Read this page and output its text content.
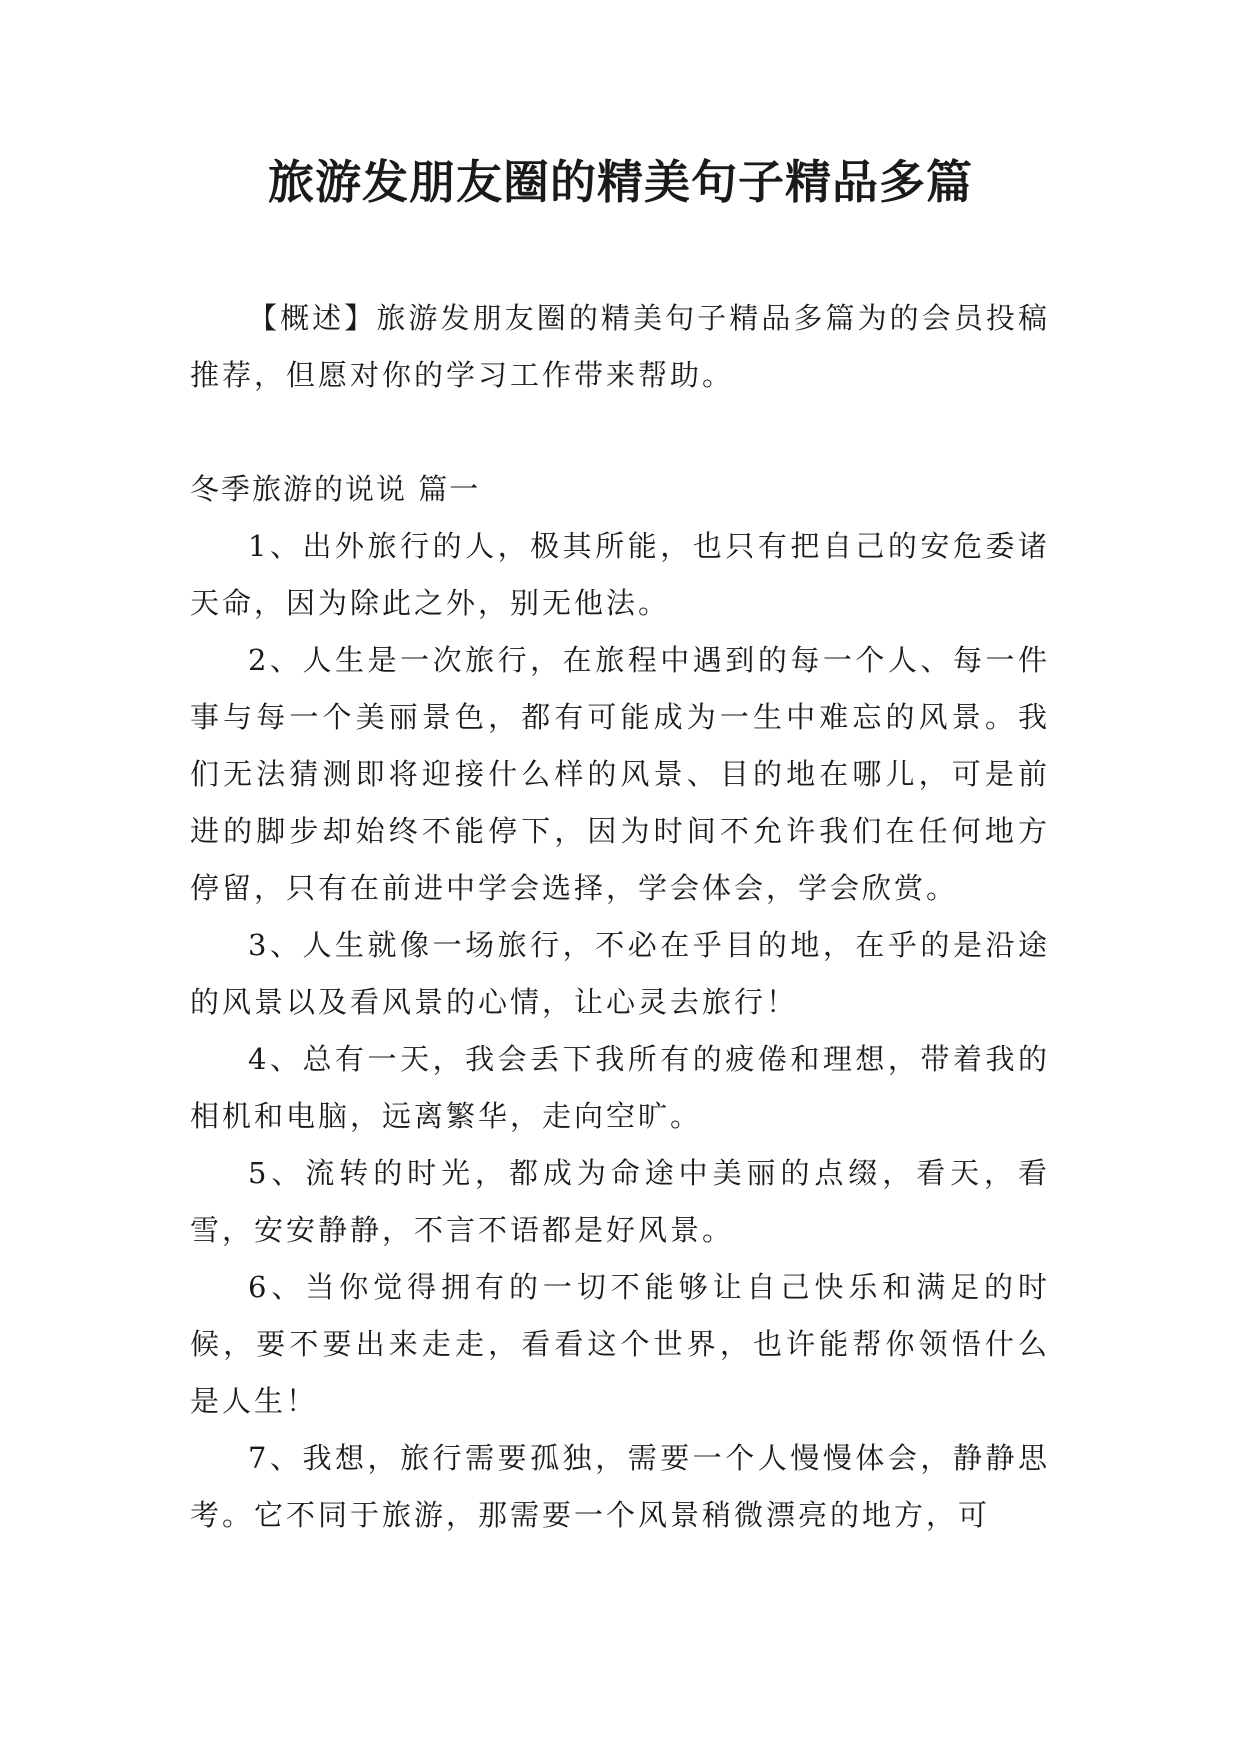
旅游发朋友圈的精美句子精品多篇

【概述】旅游发朋友圈的精美句子精品多篇为的会员投稿推荐，但愿对你的学习工作带来帮助。

冬季旅游的说说 篇一

1、出外旅行的人，极其所能，也只有把自己的安危委诸天命，因为除此之外，别无他法。

2、人生是一次旅行，在旅程中遇到的每一个人、每一件事与每一个美丽景色，都有可能成为一生中难忘的风景。我们无法猜测即将迎接什么样的风景、目的地在哪儿，可是前进的脚步却始终不能停下，因为时间不允许我们在任何地方停留，只有在前进中学会选择，学会体会，学会欣赏。

3、人生就像一场旅行，不必在乎目的地，在乎的是沿途的风景以及看风景的心情，让心灵去旅行！

4、总有一天，我会丢下我所有的疲倦和理想，带着我的相机和电脑，远离繁华，走向空旷。

5、流转的时光，都成为命途中美丽的点缀，看天，看雪，安安静静，不言不语都是好风景。

6、当你觉得拥有的一切不能够让自己快乐和满足的时候，要不要出来走走，看看这个世界，也许能帮你领悟什么是人生！

7、我想，旅行需要孤独，需要一个人慢慢体会，静静思考。它不同于旅游，那需要一个风景稍微漂亮的地方，可
